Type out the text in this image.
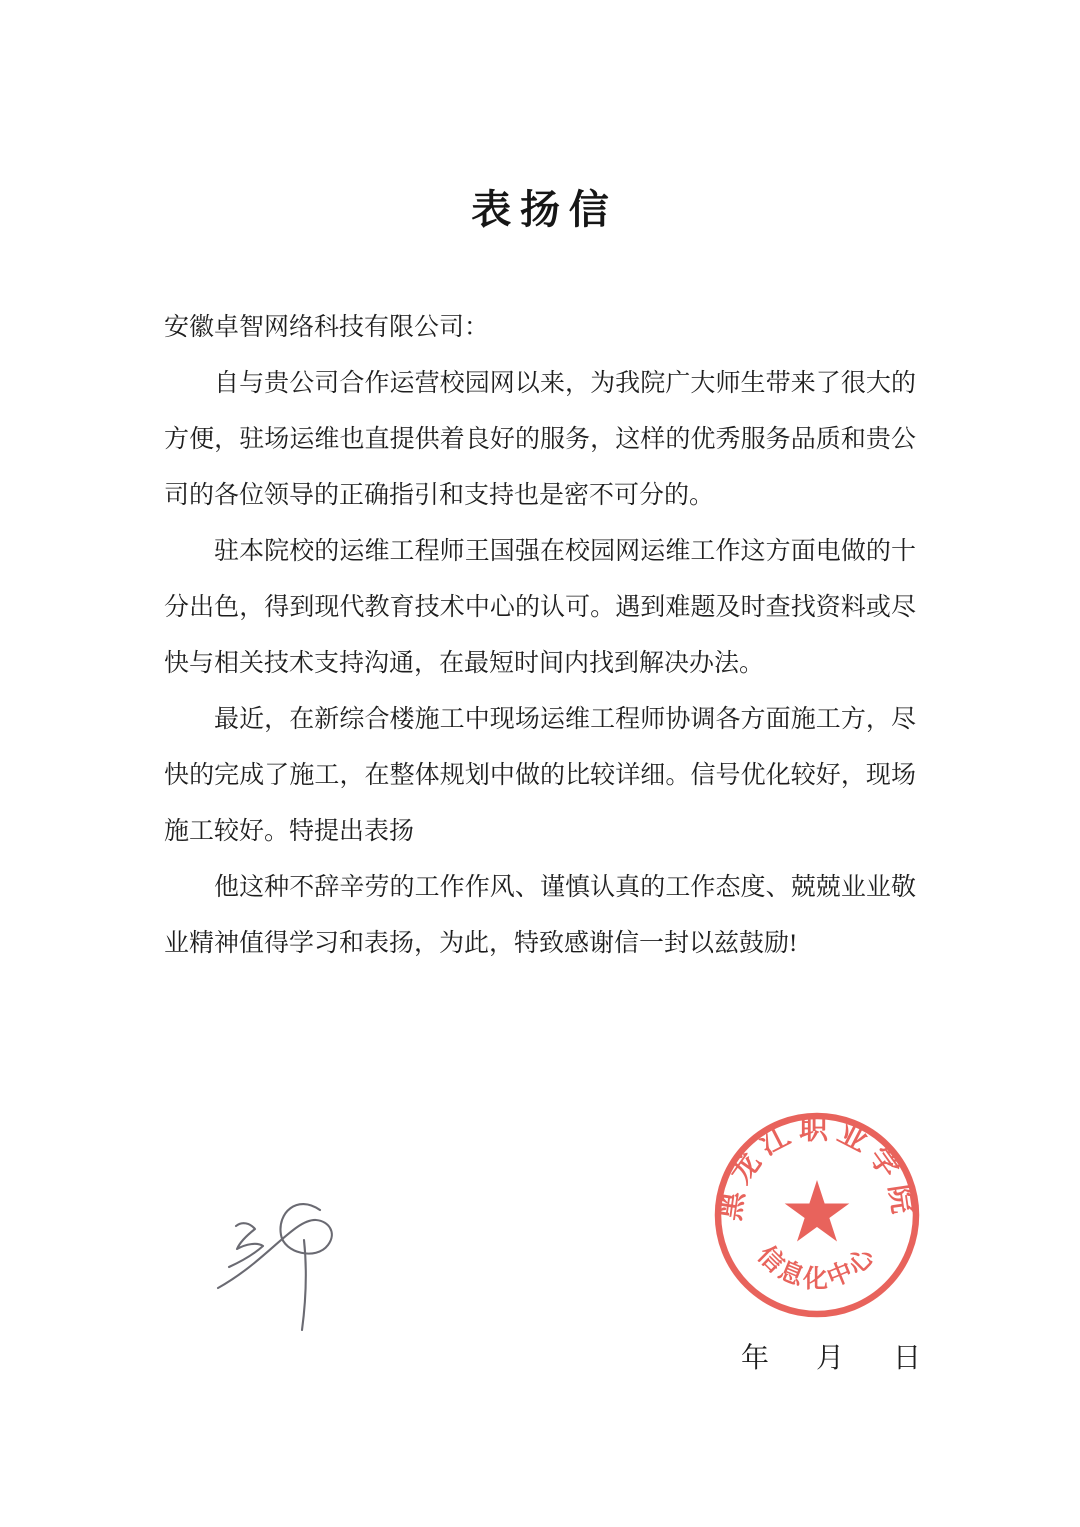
表扬信

安徽卓智网络科技有限公司：

自与贵公司合作运营校园网以来，为我院广大师生带来了很大的方便，驻场运维也直提供着良好的服务，这样的优秀服务品质和贵公司的各位领导的正确指引和支持也是密不可分的。

驻本院校的运维工程师王国强在校园网运维工作这方面电做的十分出色，得到现代教育技术中心的认可。遇到难题及时查找资料或尽快与相关技术支持沟通，在最短时间内找到解决办法。

最近，在新综合楼施工中现场运维工程师协调各方面施工方，尽快的完成了施工，在整体规划中做的比较详细。信号优化较好，现场施工较好。特提出表扬

他这种不辞辛劳的工作作风、谨慎认真的工作态度、兢兢业业敬业精神值得学习和表扬，为此，特致感谢信一封以兹鼓励!

黑龙江职业学院
信息化中心
年 月 日
